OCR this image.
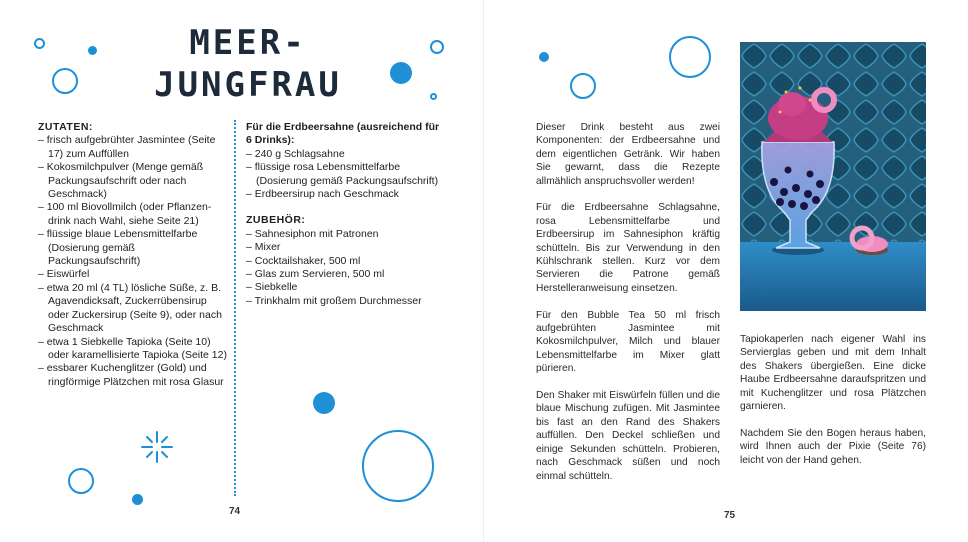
MEER-
JUNGFRAU
ZUTATEN:
– frisch aufgebrühter Jasmintee (Seite 17) zum Auffüllen
– Kokosmilchpulver (Menge gemäß Packungsaufschrift oder nach Geschmack)
– 100 ml Biovollmilch (oder Pflanzendrink nach Wahl, siehe Seite 21)
– flüssige blaue Lebensmittelfarbe (Dosierung gemäß Packungsaufschrift)
– Eiswürfel
– etwa 20 ml (4 TL) lösliche Süße, z. B. Agavendicksaft, Zuckerrübensirup oder Zuckersirup (Seite 9), oder nach Geschmack
– etwa 1 Siebkelle Tapioka (Seite 10) oder karamellisierte Tapioka (Seite 12)
– essbarer Kuchenglitzer (Gold) und ringförmige Plätzchen mit rosa Glasur
Für die Erdbeersahne (ausreichend für 6 Drinks):
– 240 g Schlagsahne
– flüssige rosa Lebensmittelfarbe (Dosierung gemäß Packungsaufschrift)
– Erdbeersirup nach Geschmack
ZUBEHÖR:
– Sahnesiphon mit Patronen
– Mixer
– Cocktailshaker, 500 ml
– Glas zum Servieren, 500 ml
– Siebkelle
– Trinkhalm mit großem Durchmesser
74

Dieser Drink besteht aus zwei Komponenten: der Erdbeersahne und dem eigentlichen Getränk. Wir haben Sie gewarnt, dass die Rezepte allmählich anspruchsvoller werden!

Für die Erdbeersahne Schlagsahne, rosa Lebensmittelfarbe und Erdbeersirup im Sahnesiphon kräftig schütteln. Bis zur Verwendung in den Kühlschrank stellen. Kurz vor dem Servieren die Patrone gemäß Herstelleranweisung einsetzen.

Für den Bubble Tea 50 ml frisch aufgebrühten Jasmintee mit Kokosmilchpulver, Milch und blauer Lebensmittelfarbe im Mixer glatt pürieren.

Den Shaker mit Eiswürfeln füllen und die blaue Mischung zufügen. Mit Jasmintee bis fast an den Rand des Shakers auffüllen. Den Deckel schließen und einige Sekunden schütteln. Probieren, nach Geschmack süßen und noch einmal schütteln.

Tapiokaperlen nach eigener Wahl ins Servierglas geben und mit dem Inhalt des Shakers übergießen. Eine dicke Haube Erdbeersahne daraufspritzen und mit Kuchenglitzer und rosa Plätzchen garnieren.

Nachdem Sie den Bogen heraus haben, wird Ihnen auch der Pixie (Seite 76) leicht von der Hand gehen.

75
